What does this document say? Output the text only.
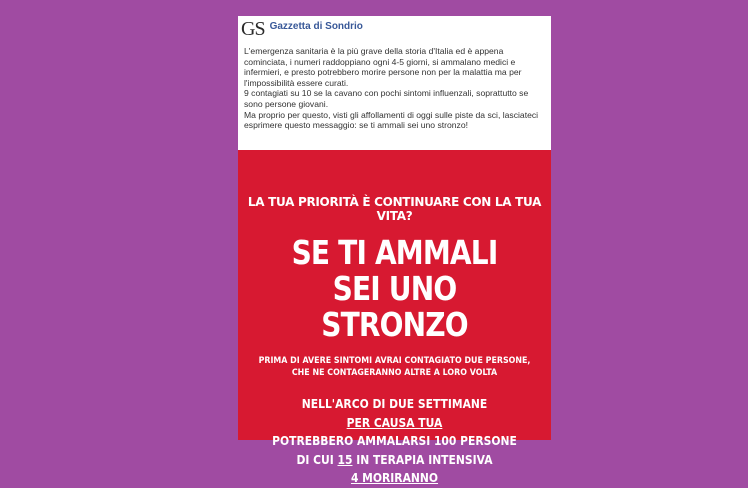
GS Gazzetta di Sondrio

L'emergenza sanitaria è la più grave della storia d'Italia ed è appena cominciata, i numeri raddoppiano ogni 4-5 giorni, si ammalano medici e infermieri, e presto potrebbero morire persone non per la malattia ma per l'impossibilità essere curati.

9 contagiati su 10 se la cavano con pochi sintomi influenzali, soprattutto se sono persone giovani.

Ma proprio per questo, visti gli affollamenti di oggi sulle piste da sci, lasciateci esprimere questo messaggio: se ti ammali sei uno stronzo!

LA TUA PRIORITÀ È CONTINUARE CON LA TUA VITA?
SE TI AMMALI
SEI UNO STRONZO
PRIMA DI AVERE SINTOMI AVRAI CONTAGIATO DUE PERSONE,
CHE NE CONTAGERANNO ALTRE A LORO VOLTA
NELL'ARCO DI DUE SETTIMANE
PER CAUSA TUA
POTREBBERO AMMALARSI 100 PERSONE
DI CUI 15 IN TERAPIA INTENSIVA
4 MORIRANNO
